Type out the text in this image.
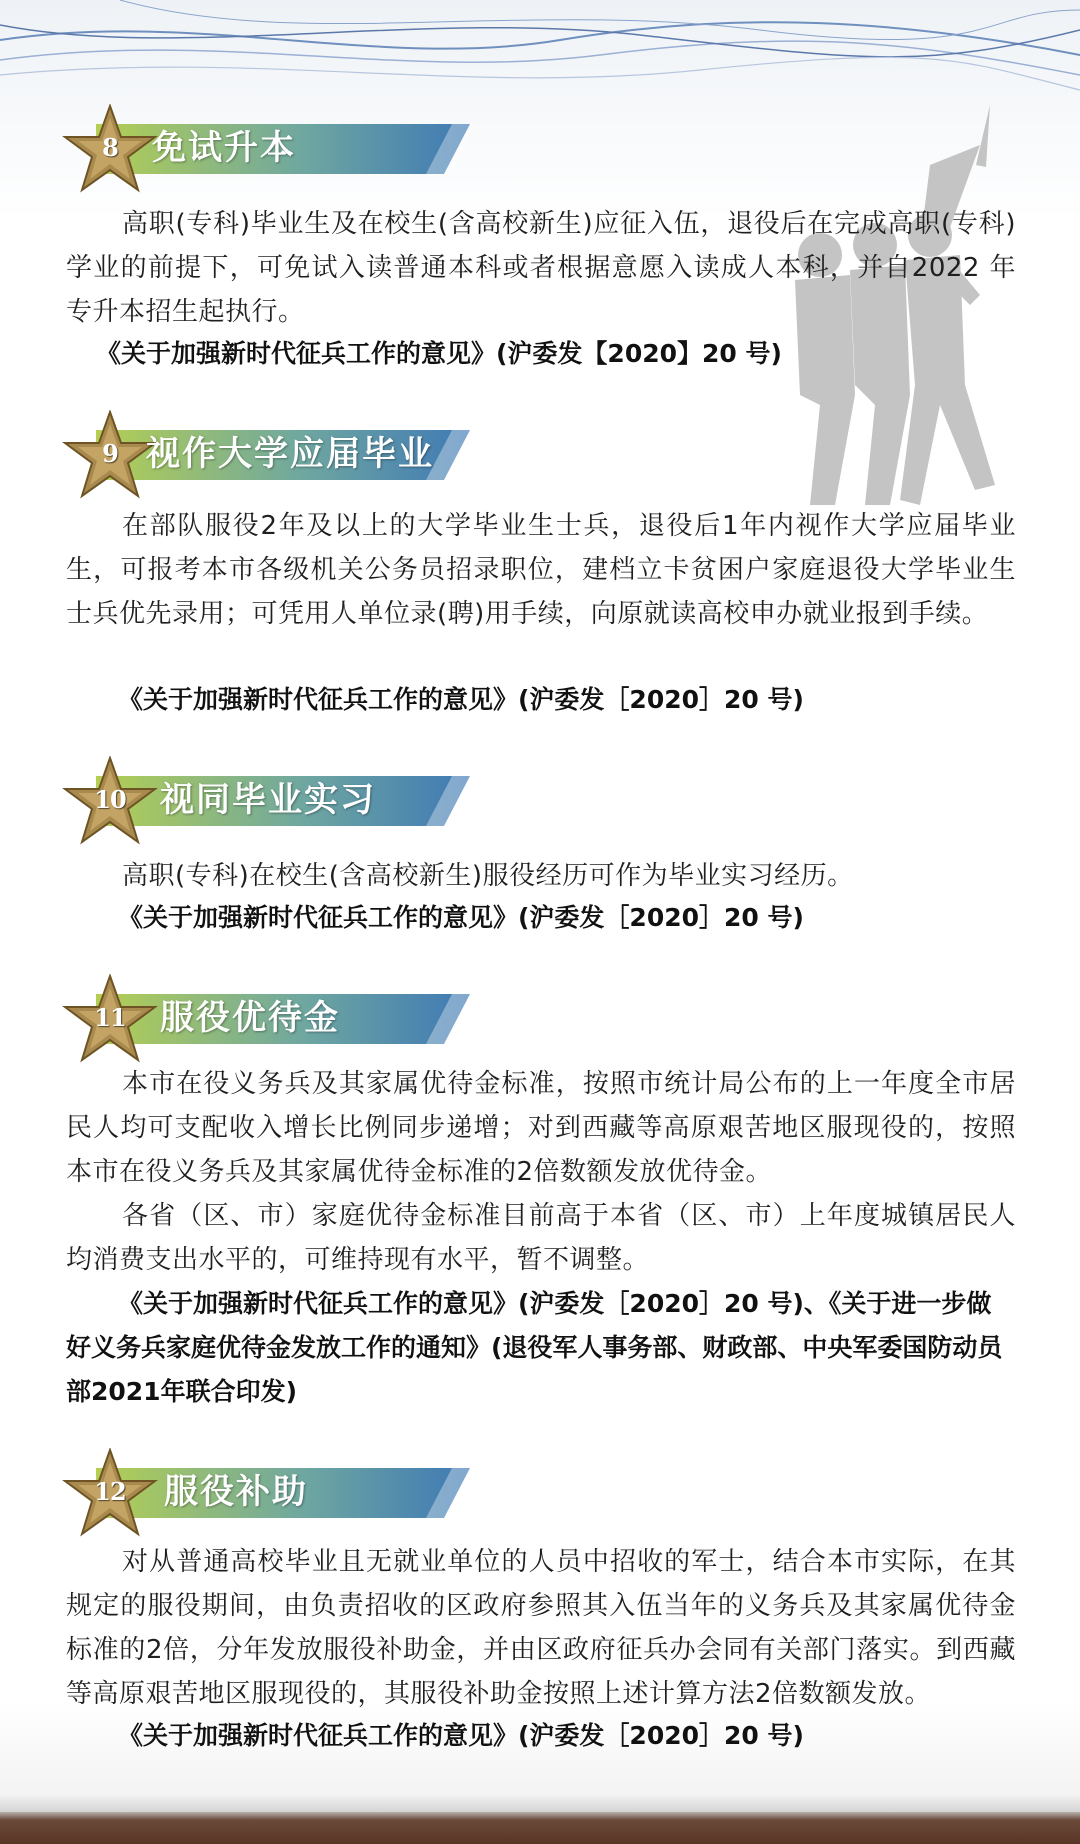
8	免试升本
高职(专科)毕业生及在校生(含高校新生)应征入伍，退役后在完成高职(专科)学业的前提下，可免试入读普通本科或者根据意愿入读成人本科，并自2022 年专升本招生起执行。
《关于加强新时代征兵工作的意见》(沪委发【2020】20 号)
9 视作大学应届毕业
在部队服役2年及以上的大学毕业生士兵，退役后1年内视作大学应届毕业生，可报考本市各级机关公务员招录职位，建档立卡贫困户家庭退役大学毕业生士兵优先录用；可凭用人单位录(聘)用手续，向原就读高校申办就业报到手续。
《关于加强新时代征兵工作的意见》(沪委发［2020］20 号)
10	视同毕业实习
高职(专科)在校生(含高校新生)服役经历可作为毕业实习经历。
《关于加强新时代征兵工作的意见》(沪委发［2020］20 号)
11	服役优待金
本市在役义务兵及其家属优待金标准，按照市统计局公布的上一年度全市居民人均可支配收入增长比例同步递增；对到西藏等高原艰苦地区服现役的，按照本市在役义务兵及其家属优待金标准的2倍数额发放优待金。
各省（区、市）家庭优待金标准目前高于本省（区、市）上年度城镇居民人均消费支出水平的，可维持现有水平，暂不调整。
《关于加强新时代征兵工作的意见》(沪委发［2020］20 号)、《关于进一步做好义务兵家庭优待金发放工作的通知》(退役军人事务部、财政部、中央军委国防动员部2021年联合印发)
12	服役补助
对从普通高校毕业且无就业单位的人员中招收的军士，结合本市实际，在其规定的服役期间，由负责招收的区政府参照其入伍当年的义务兵及其家属优待金标准的2倍，分年发放服役补助金，并由区政府征兵办会同有关部门落实。到西藏等高原艰苦地区服现役的，其服役补助金按照上述计算方法2倍数额发放。
《关于加强新时代征兵工作的意见》(沪委发［2020］20 号)
